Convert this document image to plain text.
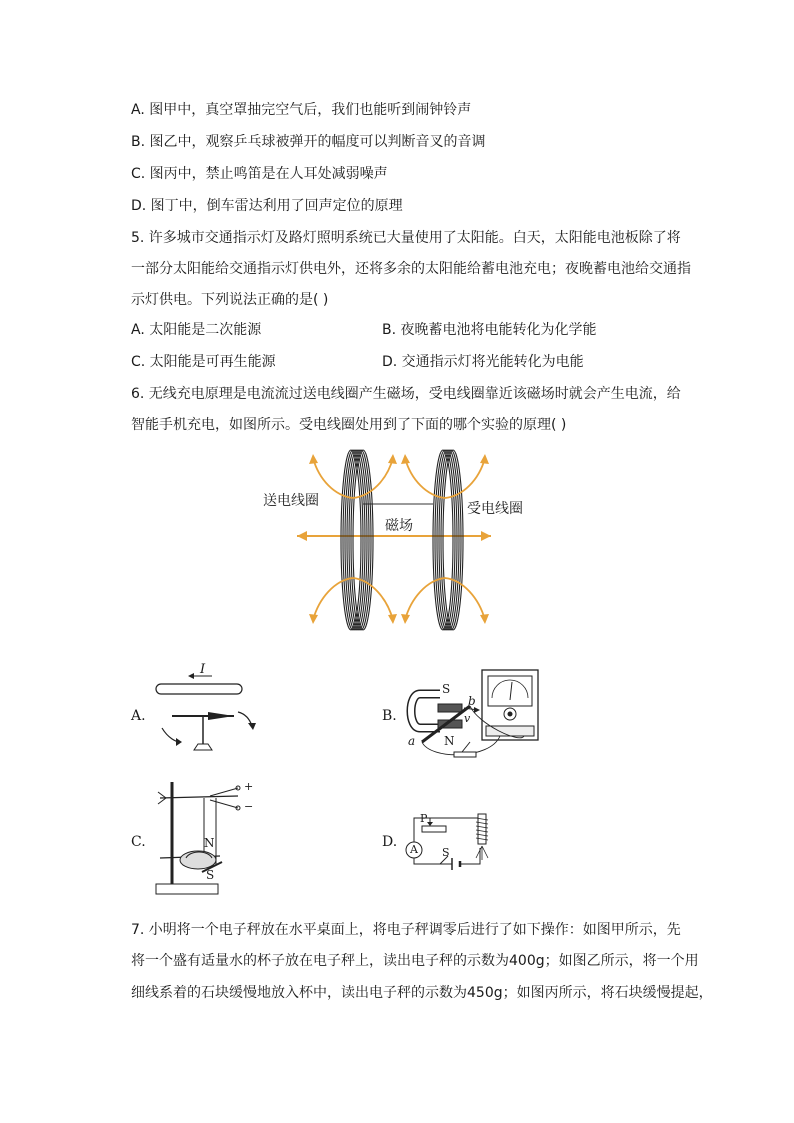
A. 图甲中，真空罩抽完空气后，我们也能听到闹钟铃声
B. 图乙中，观察乒乓球被弹开的幅度可以判断音叉的音调
C. 图丙中，禁止鸣笛是在人耳处减弱噪声
D. 图丁中，倒车雷达利用了回声定位的原理
5. 许多城市交通指示灯及路灯照明系统已大量使用了太阳能。白天，太阳能电池板除了将
一部分太阳能给交通指示灯供电外，还将多余的太阳能给蓄电池充电；夜晚蓄电池给交通指
示灯供电。下列说法正确的是( )
A. 太阳能是二次能源	B. 夜晚蓄电池将电能转化为化学能
C. 太阳能是可再生能源	D. 交通指示灯将光能转化为电能
6. 无线充电原理是电流流过送电线圈产生磁场，受电线圈靠近该磁场时就会产生电流，给
智能手机充电，如图所示。受电线圈处用到了下面的哪个实验的原理( )
送电线圈	受电线圈
磁场
A.
I
B.
S
N
a
b
v
C.
+
−
N
S
D.
P
A S
7. 小明将一个电子秤放在水平桌面上，将电子秤调零后进行了如下操作：如图甲所示，先
将一个盛有适量水的杯子放在电子秤上，读出电子秤的示数为400g；如图乙所示，将一个用
细线系着的石块缓慢地放入杯中，读出电子秤的示数为450g；如图丙所示，将石块缓慢提起，
